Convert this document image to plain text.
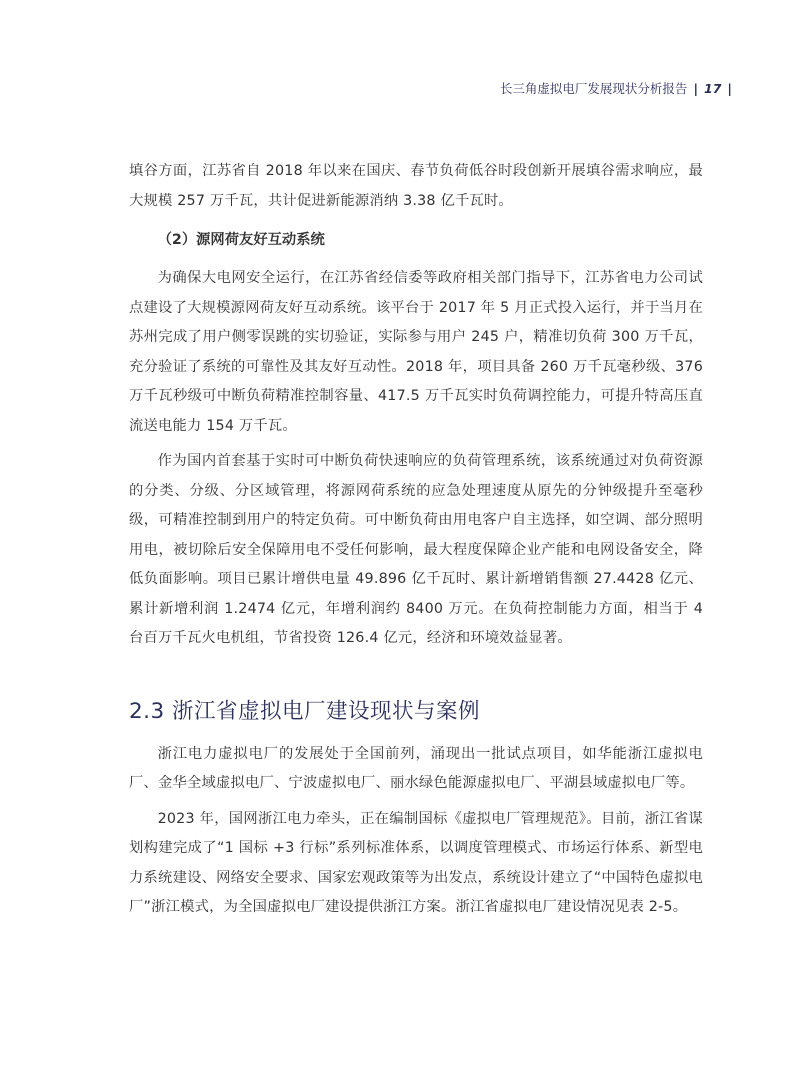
长三角虚拟电厂发展现状分析报告 | 17 |

填谷方面，江苏省自 2018 年以来在国庆、春节负荷低谷时段创新开展填谷需求响应，最大规模 257 万千瓦，共计促进新能源消纳 3.38 亿千瓦时。

（2）源网荷友好互动系统

为确保大电网安全运行，在江苏省经信委等政府相关部门指导下，江苏省电力公司试点建设了大规模源网荷友好互动系统。该平台于 2017 年 5 月正式投入运行，并于当月在苏州完成了用户侧零误跳的实切验证，实际参与用户 245 户，精准切负荷 300 万千瓦，充分验证了系统的可靠性及其友好互动性。2018 年，项目具备 260 万千瓦毫秒级、376 万千瓦秒级可中断负荷精准控制容量、417.5 万千瓦实时负荷调控能力，可提升特高压直流送电能力 154 万千瓦。

作为国内首套基于实时可中断负荷快速响应的负荷管理系统，该系统通过对负荷资源的分类、分级、分区域管理，将源网荷系统的应急处理速度从原先的分钟级提升至毫秒级，可精准控制到用户的特定负荷。可中断负荷由用电客户自主选择，如空调、部分照明用电，被切除后安全保障用电不受任何影响，最大程度保障企业产能和电网设备安全，降低负面影响。项目已累计增供电量 49.896 亿千瓦时、累计新增销售额 27.4428 亿元、累计新增利润 1.2474 亿元，年增利润约 8400 万元。在负荷控制能力方面，相当于 4 台百万千瓦火电机组，节省投资 126.4 亿元，经济和环境效益显著。

2.3 浙江省虚拟电厂建设现状与案例

浙江电力虚拟电厂的发展处于全国前列，涌现出一批试点项目，如华能浙江虚拟电厂、金华全域虚拟电厂、宁波虚拟电厂、丽水绿色能源虚拟电厂、平湖县域虚拟电厂等。

2023 年，国网浙江电力牵头，正在编制国标《虚拟电厂管理规范》。目前，浙江省谋划构建完成了“1 国标 +3 行标”系列标准体系，以调度管理模式、市场运行体系、新型电力系统建设、网络安全要求、国家宏观政策等为出发点，系统设计建立了“中国特色虚拟电厂”浙江模式，为全国虚拟电厂建设提供浙江方案。浙江省虚拟电厂建设情况见表 2-5。
